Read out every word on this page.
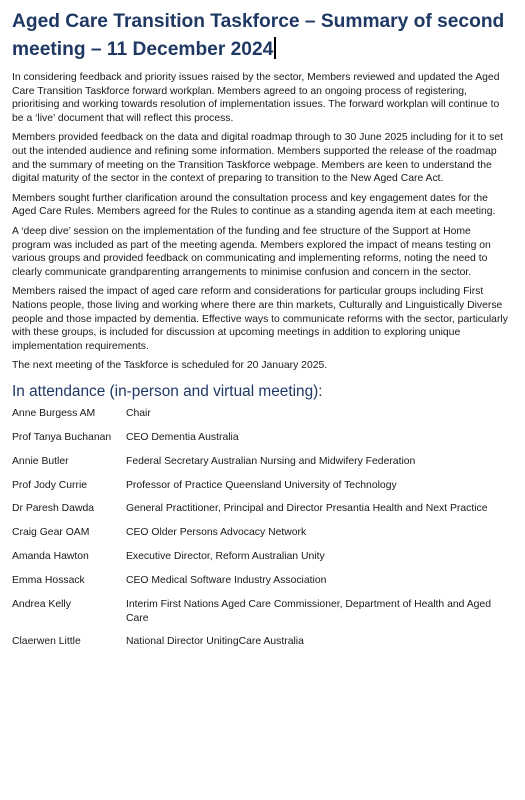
Aged Care Transition Taskforce – Summary of second
meeting – 11 December 2024

In considering feedback and priority issues raised by the sector, Members reviewed and updated the Aged Care Transition Taskforce forward workplan. Members agreed to an ongoing process of registering, prioritising and working towards resolution of implementation issues. The forward workplan will continue to be a ‘live’ document that will reflect this process.

Members provided feedback on the data and digital roadmap through to 30 June 2025 including for it to set out the intended audience and refining some information. Members supported the release of the roadmap and the summary of meeting on the Transition Taskforce webpage. Members are keen to understand the digital maturity of the sector in the context of preparing to transition to the New Aged Care Act.

Members sought further clarification around the consultation process and key engagement dates for the Aged Care Rules. Members agreed for the Rules to continue as a standing agenda item at each meeting.

A ‘deep dive’ session on the implementation of the funding and fee structure of the Support at Home program was included as part of the meeting agenda. Members explored the impact of means testing on various groups and provided feedback on communicating and implementing reforms, noting the need to clearly communicate grandparenting arrangements to minimise confusion and concern in the sector.

Members raised the impact of aged care reform and considerations for particular groups including First Nations people, those living and working where there are thin markets, Culturally and Linguistically Diverse people and those impacted by dementia. Effective ways to communicate reforms with the sector, particularly with these groups, is included for discussion at upcoming meetings in addition to exploring unique implementation requirements.

The next meeting of the Taskforce is scheduled for 20 January 2025.

In attendance (in-person and virtual meeting):
Anne Burgess AM	Chair
Prof Tanya Buchanan	CEO Dementia Australia
Annie Butler	Federal Secretary Australian Nursing and Midwifery Federation
Prof Jody Currie	Professor of Practice Queensland University of Technology
Dr Paresh Dawda	General Practitioner, Principal and Director Presantia Health and Next Practice
Craig Gear OAM	CEO Older Persons Advocacy Network
Amanda Hawton	Executive Director, Reform Australian Unity
Emma Hossack	CEO Medical Software Industry Association
Andrea Kelly	Interim First Nations Aged Care Commissioner, Department of Health and Aged Care
Claerwen Little	National Director UnitingCare Australia
